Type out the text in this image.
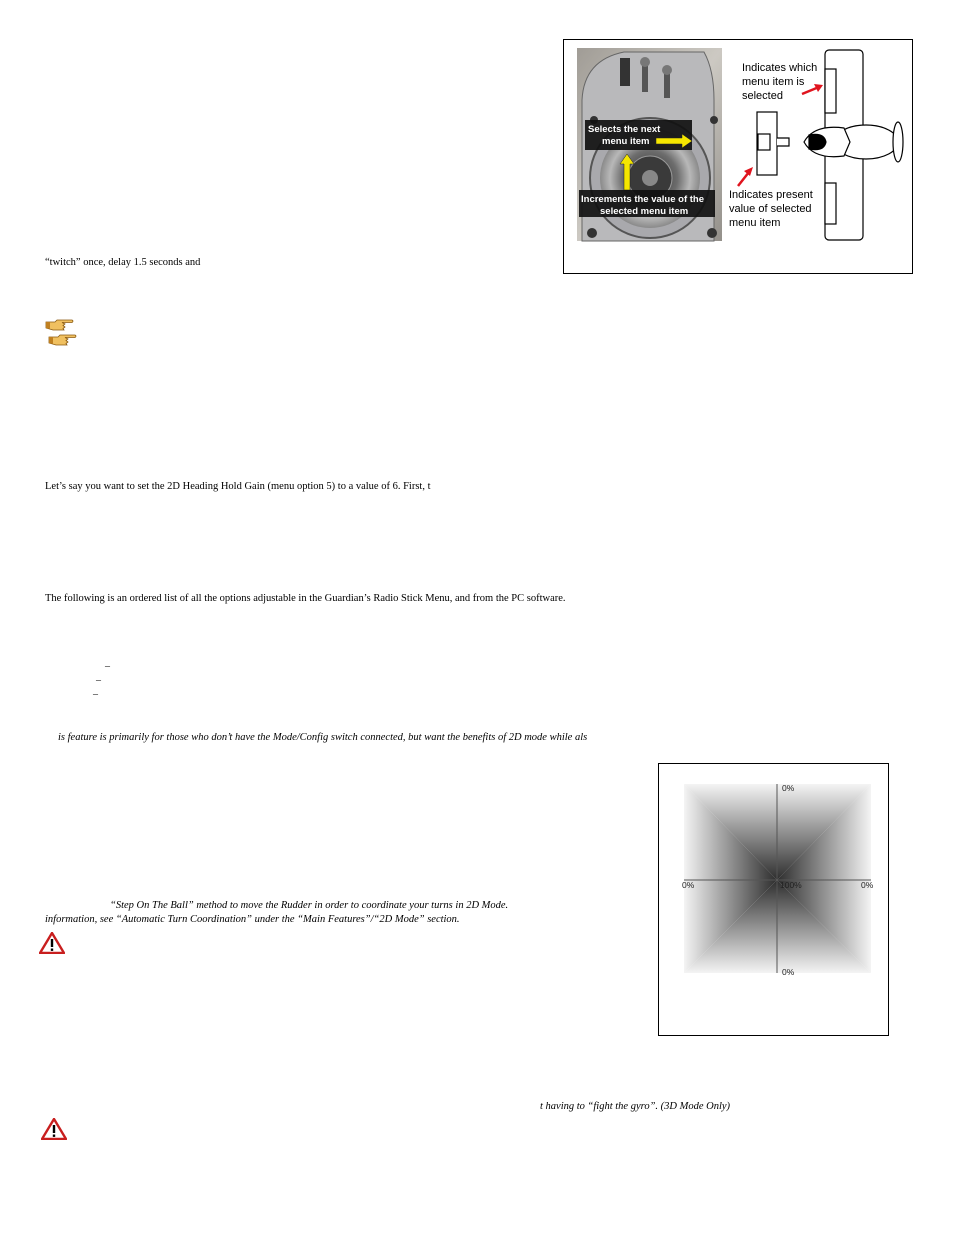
Selects the next
menu item
Increments the value of the
selected menu item
Indicates which
menu item is
selected
Indicates present
value of selected
menu item
“twitch” once, delay 1.5 seconds and
Let’s say you want to set the 2D Heading Hold Gain (menu option 5) to a value of 6. First, t
The following is an ordered list of all the options adjustable in the Guardian’s Radio Stick Menu, and from the PC software.
–
–
–
is feature is primarily for those who don’t have the Mode/Config switch connected, but want the benefits of 2D mode while als
“Step On The Ball” method to move the Rudder in order to coordinate your turns in 2D Mode.
information, see “Automatic Turn Coordination” under the “Main Features”/“2D Mode” section.
0%
0%	100%	0%
0%
t having to “fight the gyro”. (3D Mode Only)
